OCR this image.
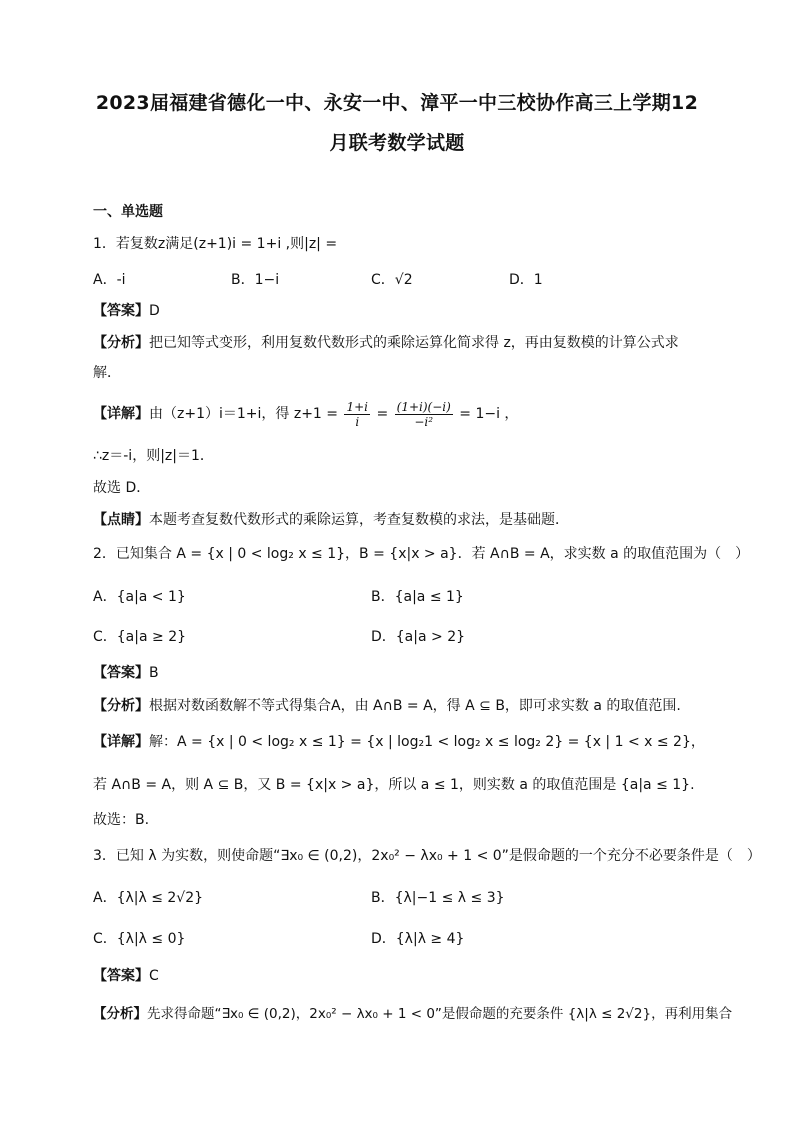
2023届福建省德化一中、永安一中、漳平一中三校协作高三上学期12
月联考数学试题
一、单选题
1．若复数z满足(z+1)i = 1+i ,则|z| =
A．-i	B．1−i	C．√2	D．1
【答案】D
【分析】把已知等式变形，利用复数代数形式的乘除运算化简求得 z，再由复数模的计算公式求
解．
【详解】由（z+1）i＝1+i，得 $z+1 = \frac{1+i}{i} = \frac{(1+i)(-i)}{\text{−i²}} = 1-i$ ，
∴z＝-i，则|z|＝1．
故选 D．
【点睛】本题考查复数代数形式的乘除运算，考查复数模的求法，是基础题．
2．已知集合 A = {x | 0 < log₂ x ≤ 1}，B = {x|x > a}．若 A∩B = A，求实数 a 的取值范围为（　）
A．{a|a < 1}	B．{a|a ≤ 1}
C．{a|a ≥ 2}	D．{a|a > 2}
【答案】B
【分析】根据对数函数解不等式得集合A，由 A∩B = A，得 A ⊆ B，即可求实数 a 的取值范围.
【详解】解：A = {x | 0 < log₂ x ≤ 1} = {x | log₂1 < log₂ x ≤ log₂ 2} = {x | 1 < x ≤ 2}，
若 A∩B = A，则 A ⊆ B，又 B = {x|x > a}，所以 a ≤ 1，则实数 a 的取值范围是 {a|a ≤ 1}.
故选：B.
3．已知 λ 为实数，则使命题“∃x₀ ∈ (0,2)，2x₀² − λx₀ + 1 < 0”是假命题的一个充分不必要条件是（　）
A．{λ|λ ≤ 2√2}	B．{λ|−1 ≤ λ ≤ 3}
C．{λ|λ ≤ 0}	D．{λ|λ ≥ 4}
【答案】C
【分析】先求得命题“∃x₀ ∈ (0,2)，2x₀² − λx₀ + 1 < 0”是假命题的充要条件 {λ|λ ≤ 2√2}，再利用集合
